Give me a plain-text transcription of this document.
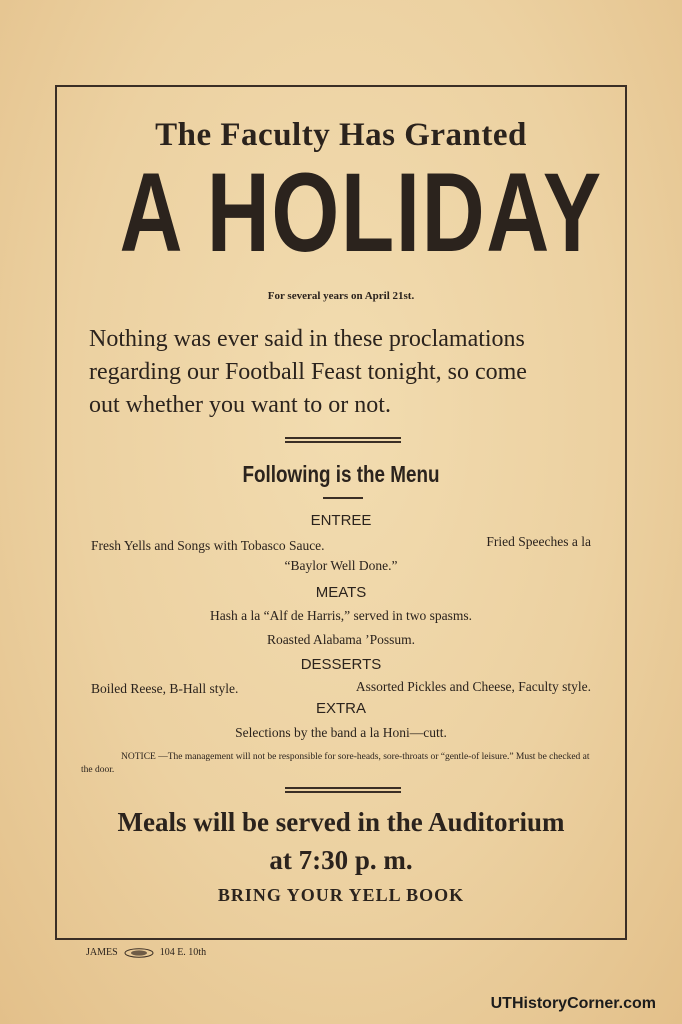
The Faculty Has Granted
A HOLIDAY
For several years on April 21st.
Nothing was ever said in these proclamations
regarding our Football Feast tonight, so come
out whether you want to or not.
Following is the Menu
ENTREE
Fresh Yells and Songs with Tobasco Sauce.	Fried Speeches a la
“Baylor Well Done.”
MEATS
Hash a la “Alf de Harris,” served in two spasms.
Roasted Alabama ’Possum.
DESSERTS
Boiled Reese, B-Hall style.	Assorted Pickles and Cheese, Faculty style.
EXTRA
Selections by the band a la Honi—cutt.
NOTICE —The management will not be responsible for sore-heads, sore-throats or “gentle-of leisure.” Must be checked at the door.
Meals will be served in the Auditorium
at 7:30 p. m.
BRING YOUR YELL BOOK
JAMES	104 E. 10th
UTHistoryCorner.com
